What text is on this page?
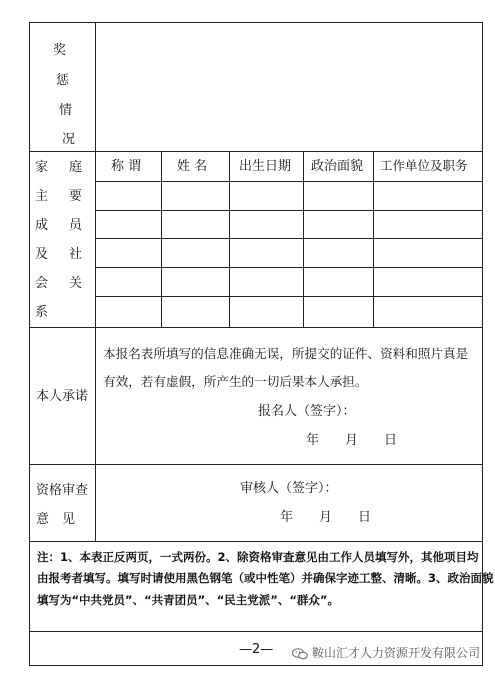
奖
惩
情
况
家 庭
主 要
成 员
及 社
会 关
系
称 谓	姓 名 出生日期 政治面貌 工作单位及职务
本人承诺
本报名表所填写的信息准确无误，所提交的证件、资料和照片真是
有效，若有虚假，所产生的一切后果本人承担。
报名人（签字）：
年　　月　　日
资格审查
意　见
审核人（签字）：
年　　月　　日
注：1、本表正反两页，一式两份。2、除资格审查意见由工作人员填写外，其他项目均
由报考者填写。填写时请使用黑色钢笔（或中性笔）并确保字迹工整、清晰。3、政治面貌
填写为“中共党员”、“共青团员”、“民主党派”、“群众”。
—2—	鞍山汇才人力资源开发有限公司
